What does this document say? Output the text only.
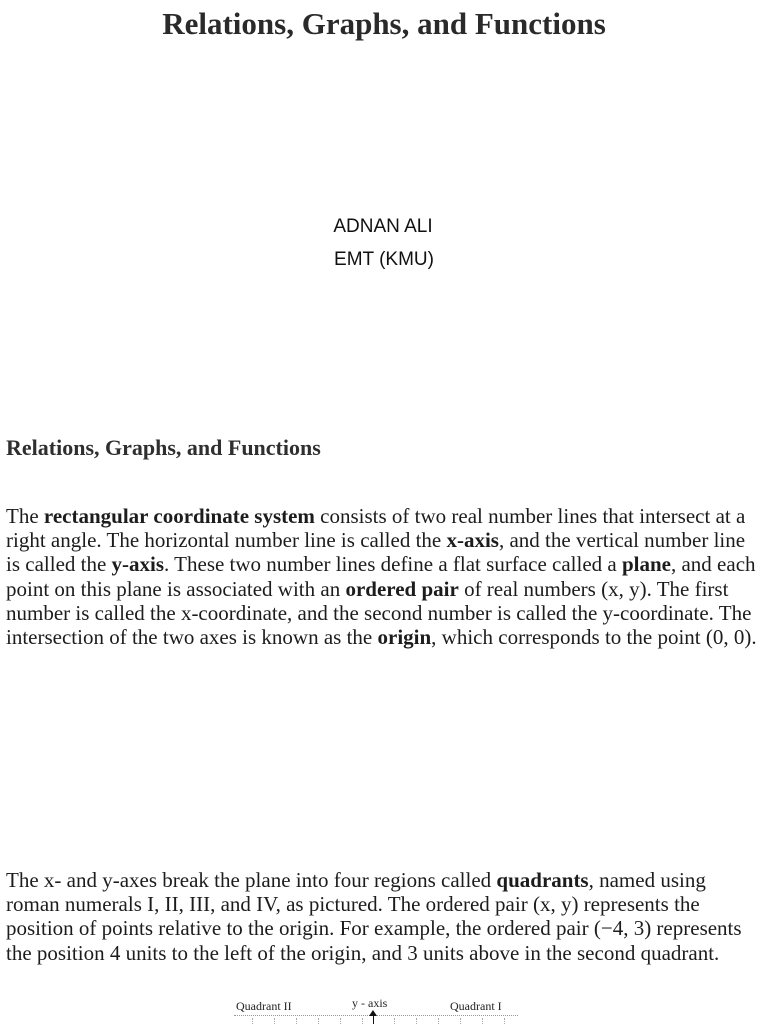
Relations, Graphs, and Functions
ADNAN ALI
EMT (KMU)
Relations, Graphs, and Functions

The rectangular coordinate system consists of two real number lines that intersect at a right angle. The horizontal number line is called the x-axis, and the vertical number line is called the y-axis. These two number lines define a flat surface called a plane, and each point on this plane is associated with an ordered pair of real numbers (x, y). The first number is called the x-coordinate, and the second number is called the y-coordinate. The intersection of the two axes is known as the origin, which corresponds to the point (0, 0).

The x- and y-axes break the plane into four regions called quadrants, named using roman numerals I, II, III, and IV, as pictured. The ordered pair (x, y) represents the position of points relative to the origin. For example, the ordered pair (−4, 3) represents the position 4 units to the left of the origin, and 3 units above in the second quadrant.

Quadrant II	y - axis	Quadrant I
